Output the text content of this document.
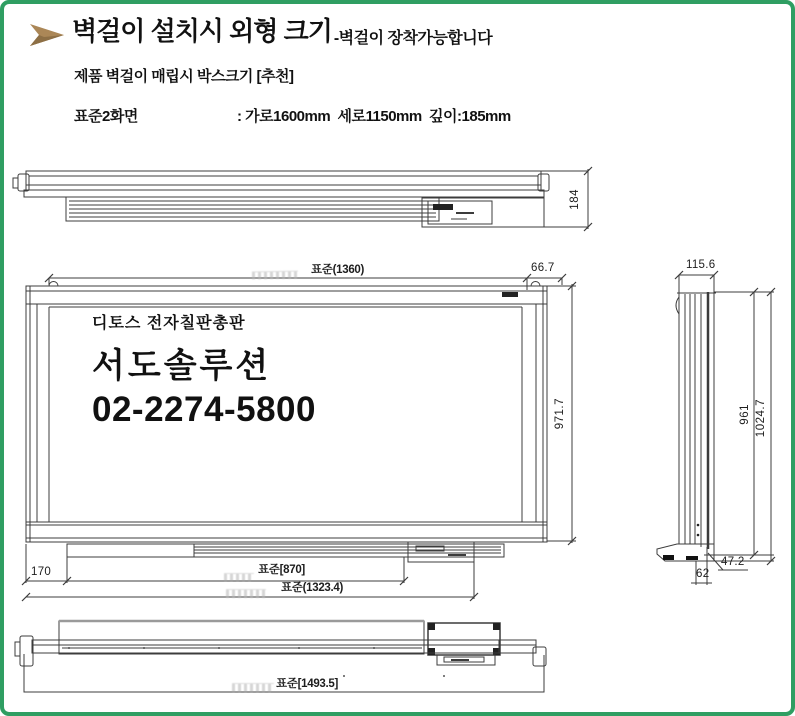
벽걸이 설치시 외형 크기 -벽걸이 장착가능합니다
제품 벽걸이 매립시 박스크기 [추천]
표준2화면	: 가로1600mm  세로1150mm  깊이:185mm
184
표준(1360)	66.7
971.7
디토스 전자칠판총판
서도솔루션
02-2274-5800
170	표준[870]
표준(1323.4)
115.6
961 1024.7
62
47.2
표준[1493.5]
